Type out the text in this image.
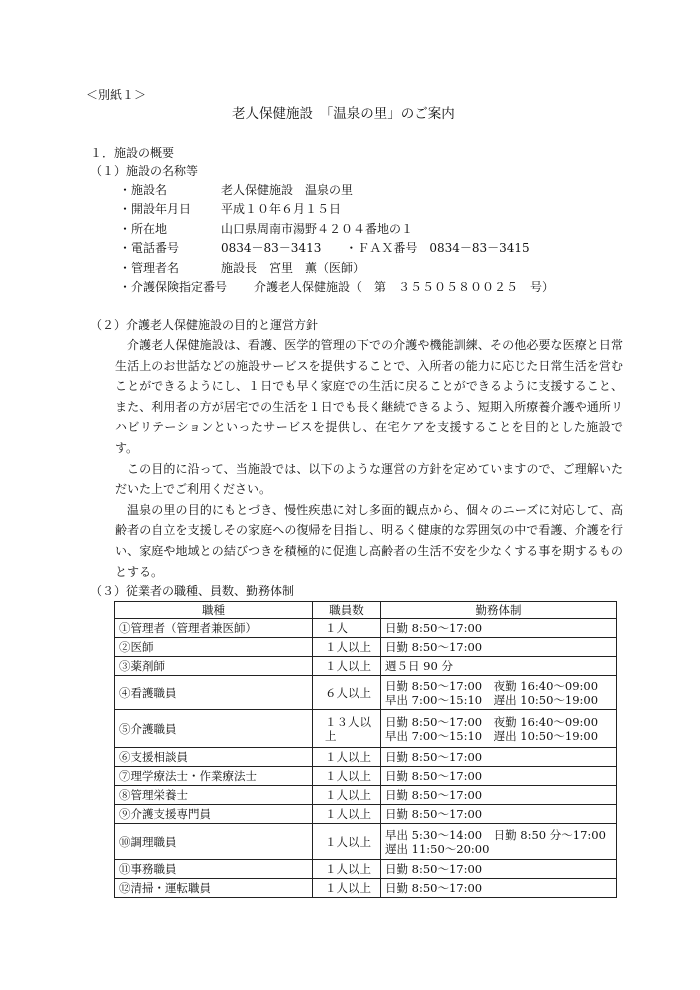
＜別紙１＞
老人保健施設　「温泉の里」のご案内
１．施設の概要
（１）施設の名称等
・施設名	老人保健施設　温泉の里
・開設年月日 平成１０年６月１５日
・所在地	山口県周南市湯野４２０４番地の１
・電話番号	0834－83－3413　　・ＦＡＸ番号　0834－83－3415
・管理者名	施設長　宮里　薫（医師）
・介護保険指定番号 介護老人保健施設（　第　３５５０５８００２５　号）
（２）介護老人保健施設の目的と運営方針

介護老人保健施設は、看護、医学的管理の下での介護や機能訓練、その他必要な医療と日常生活上のお世話などの施設サービスを提供することで、入所者の能力に応じた日常生活を営むことができるようにし、１日でも早く家庭での生活に戻ることができるように支援すること、また、利用者の方が居宅での生活を１日でも長く継続できるよう、短期入所療養介護や通所リハビリテーションといったサービスを提供し、在宅ケアを支援することを目的とした施設です。

この目的に沿って、当施設では、以下のような運営の方針を定めていますので、ご理解いただいた上でご利用ください。

温泉の里の目的にもとづき、慢性疾患に対し多面的観点から、個々のニーズに対応して、高齢者の自立を支援しその家庭への復帰を目指し、明るく健康的な雰囲気の中で看護、介護を行い、家庭や地域との結びつきを積極的に促進し高齢者の生活不安を少なくする事を期するものとする。

（３）従業者の職種、員数、勤務体制
職種	職員数	勤務体制
①管理者（管理者兼医師）	１人	日勤 8:50～17:00

②医師	１人以上	日勤 8:50～17:00

③薬剤師	１人以上	週５日 90 分

④看護職員	６人以上	日勤 8:50～17:00　夜勤 16:40～09:00
早出 7:00～15:10　遅出 10:50～19:00

⑤介護職員	１３人以上	日勤 8:50～17:00　夜勤 16:40～09:00
早出 7:00～15:10　遅出 10:50～19:00

⑥支援相談員	１人以上	日勤 8:50～17:00

⑦理学療法士・作業療法士	１人以上	日勤 8:50～17:00

⑧管理栄養士	１人以上	日勤 8:50～17:00

⑨介護支援専門員	１人以上	日勤 8:50～17:00

⑩調理職員	１人以上	早出 5:30～14:00　日勤 8:50 分～17:00
遅出 11:50～20:00

⑪事務職員	１人以上	日勤 8:50～17:00

⑫清掃・運転職員	１人以上	日勤 8:50～17:00
